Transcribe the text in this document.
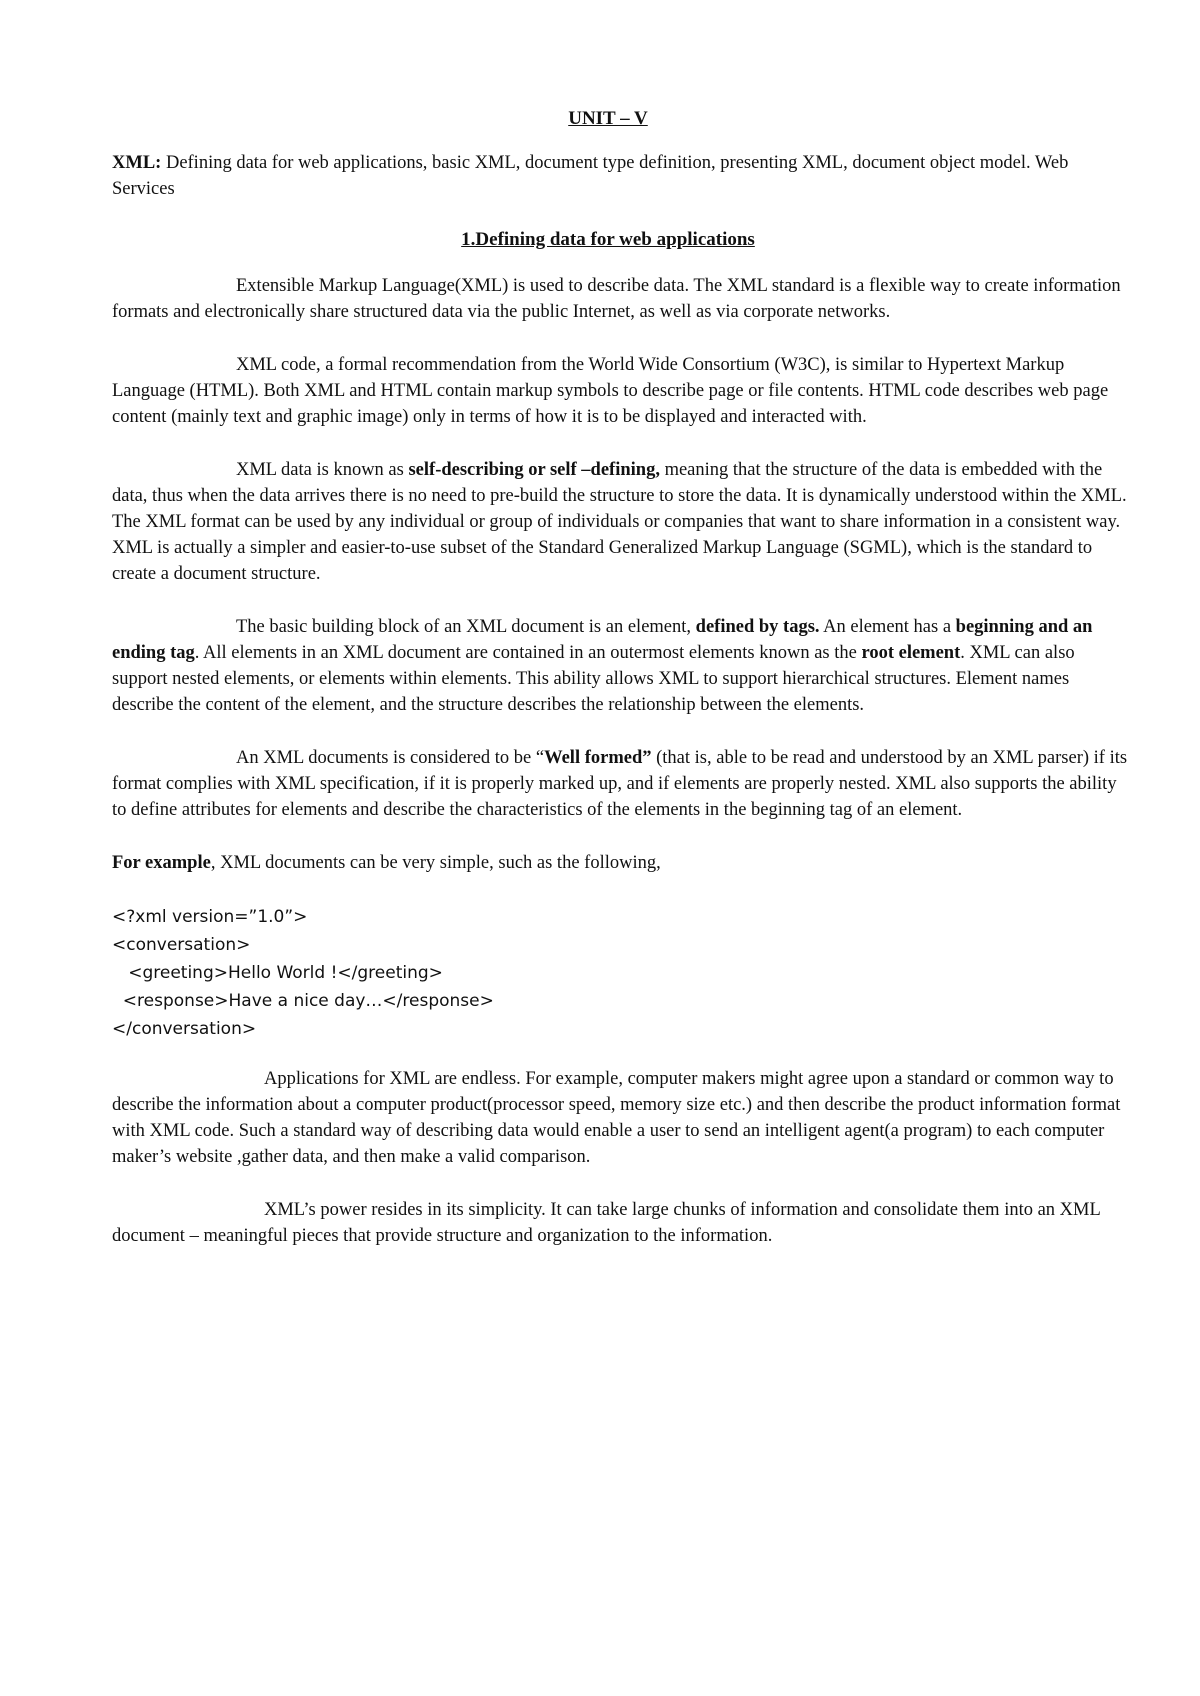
UNIT – V

XML: Defining data for web applications, basic XML, document type definition, presenting XML, document object model. Web Services

1.Defining data for web applications

Extensible Markup Language(XML) is used to describe data. The XML standard is a flexible way to create information formats and electronically share structured data via the public Internet, as well as via corporate networks.

XML code, a formal recommendation from the World Wide Consortium (W3C), is similar to Hypertext Markup Language (HTML). Both XML and HTML contain markup symbols to describe page or file contents. HTML code describes web page content (mainly text and graphic image) only in terms of how it is to be displayed and interacted with.

XML data is known as self-describing or self –defining, meaning that the structure of the data is embedded with the data, thus when the data arrives there is no need to pre-build the structure to store the data. It is dynamically understood within the XML. The XML format can be used by any individual or group of individuals or companies that want to share information in a consistent way. XML is actually a simpler and easier-to-use subset of the Standard Generalized Markup Language (SGML), which is the standard to create a document structure.

The basic building block of an XML document is an element, defined by tags. An element has a beginning and an ending tag. All elements in an XML document are contained in an outermost elements known as the root element. XML can also support nested elements, or elements within elements. This ability allows XML to support hierarchical structures. Element names describe the content of the element, and the structure describes the relationship between the elements.

An XML documents is considered to be “Well formed” (that is, able to be read and understood by an XML parser) if its format complies with XML specification, if it is properly marked up, and if elements are properly nested. XML also supports the ability to define attributes for elements and describe the characteristics of the elements in the beginning tag of an element.

For example, XML documents can be very simple, such as the following,

<?xml version=”1.0”>
<conversation>
<greeting>Hello World !</greeting>
<response>Have a nice day…</response>
</conversation>

Applications for XML are endless. For example, computer makers might agree upon a standard or common way to describe the information about a computer product(processor speed, memory size etc.) and then describe the product information format with XML code. Such a standard way of describing data would enable a user to send an intelligent agent(a program) to each computer maker’s website ,gather data, and then make a valid comparison.

XML’s power resides in its simplicity. It can take large chunks of information and consolidate them into an XML document – meaningful pieces that provide structure and organization to the information.
